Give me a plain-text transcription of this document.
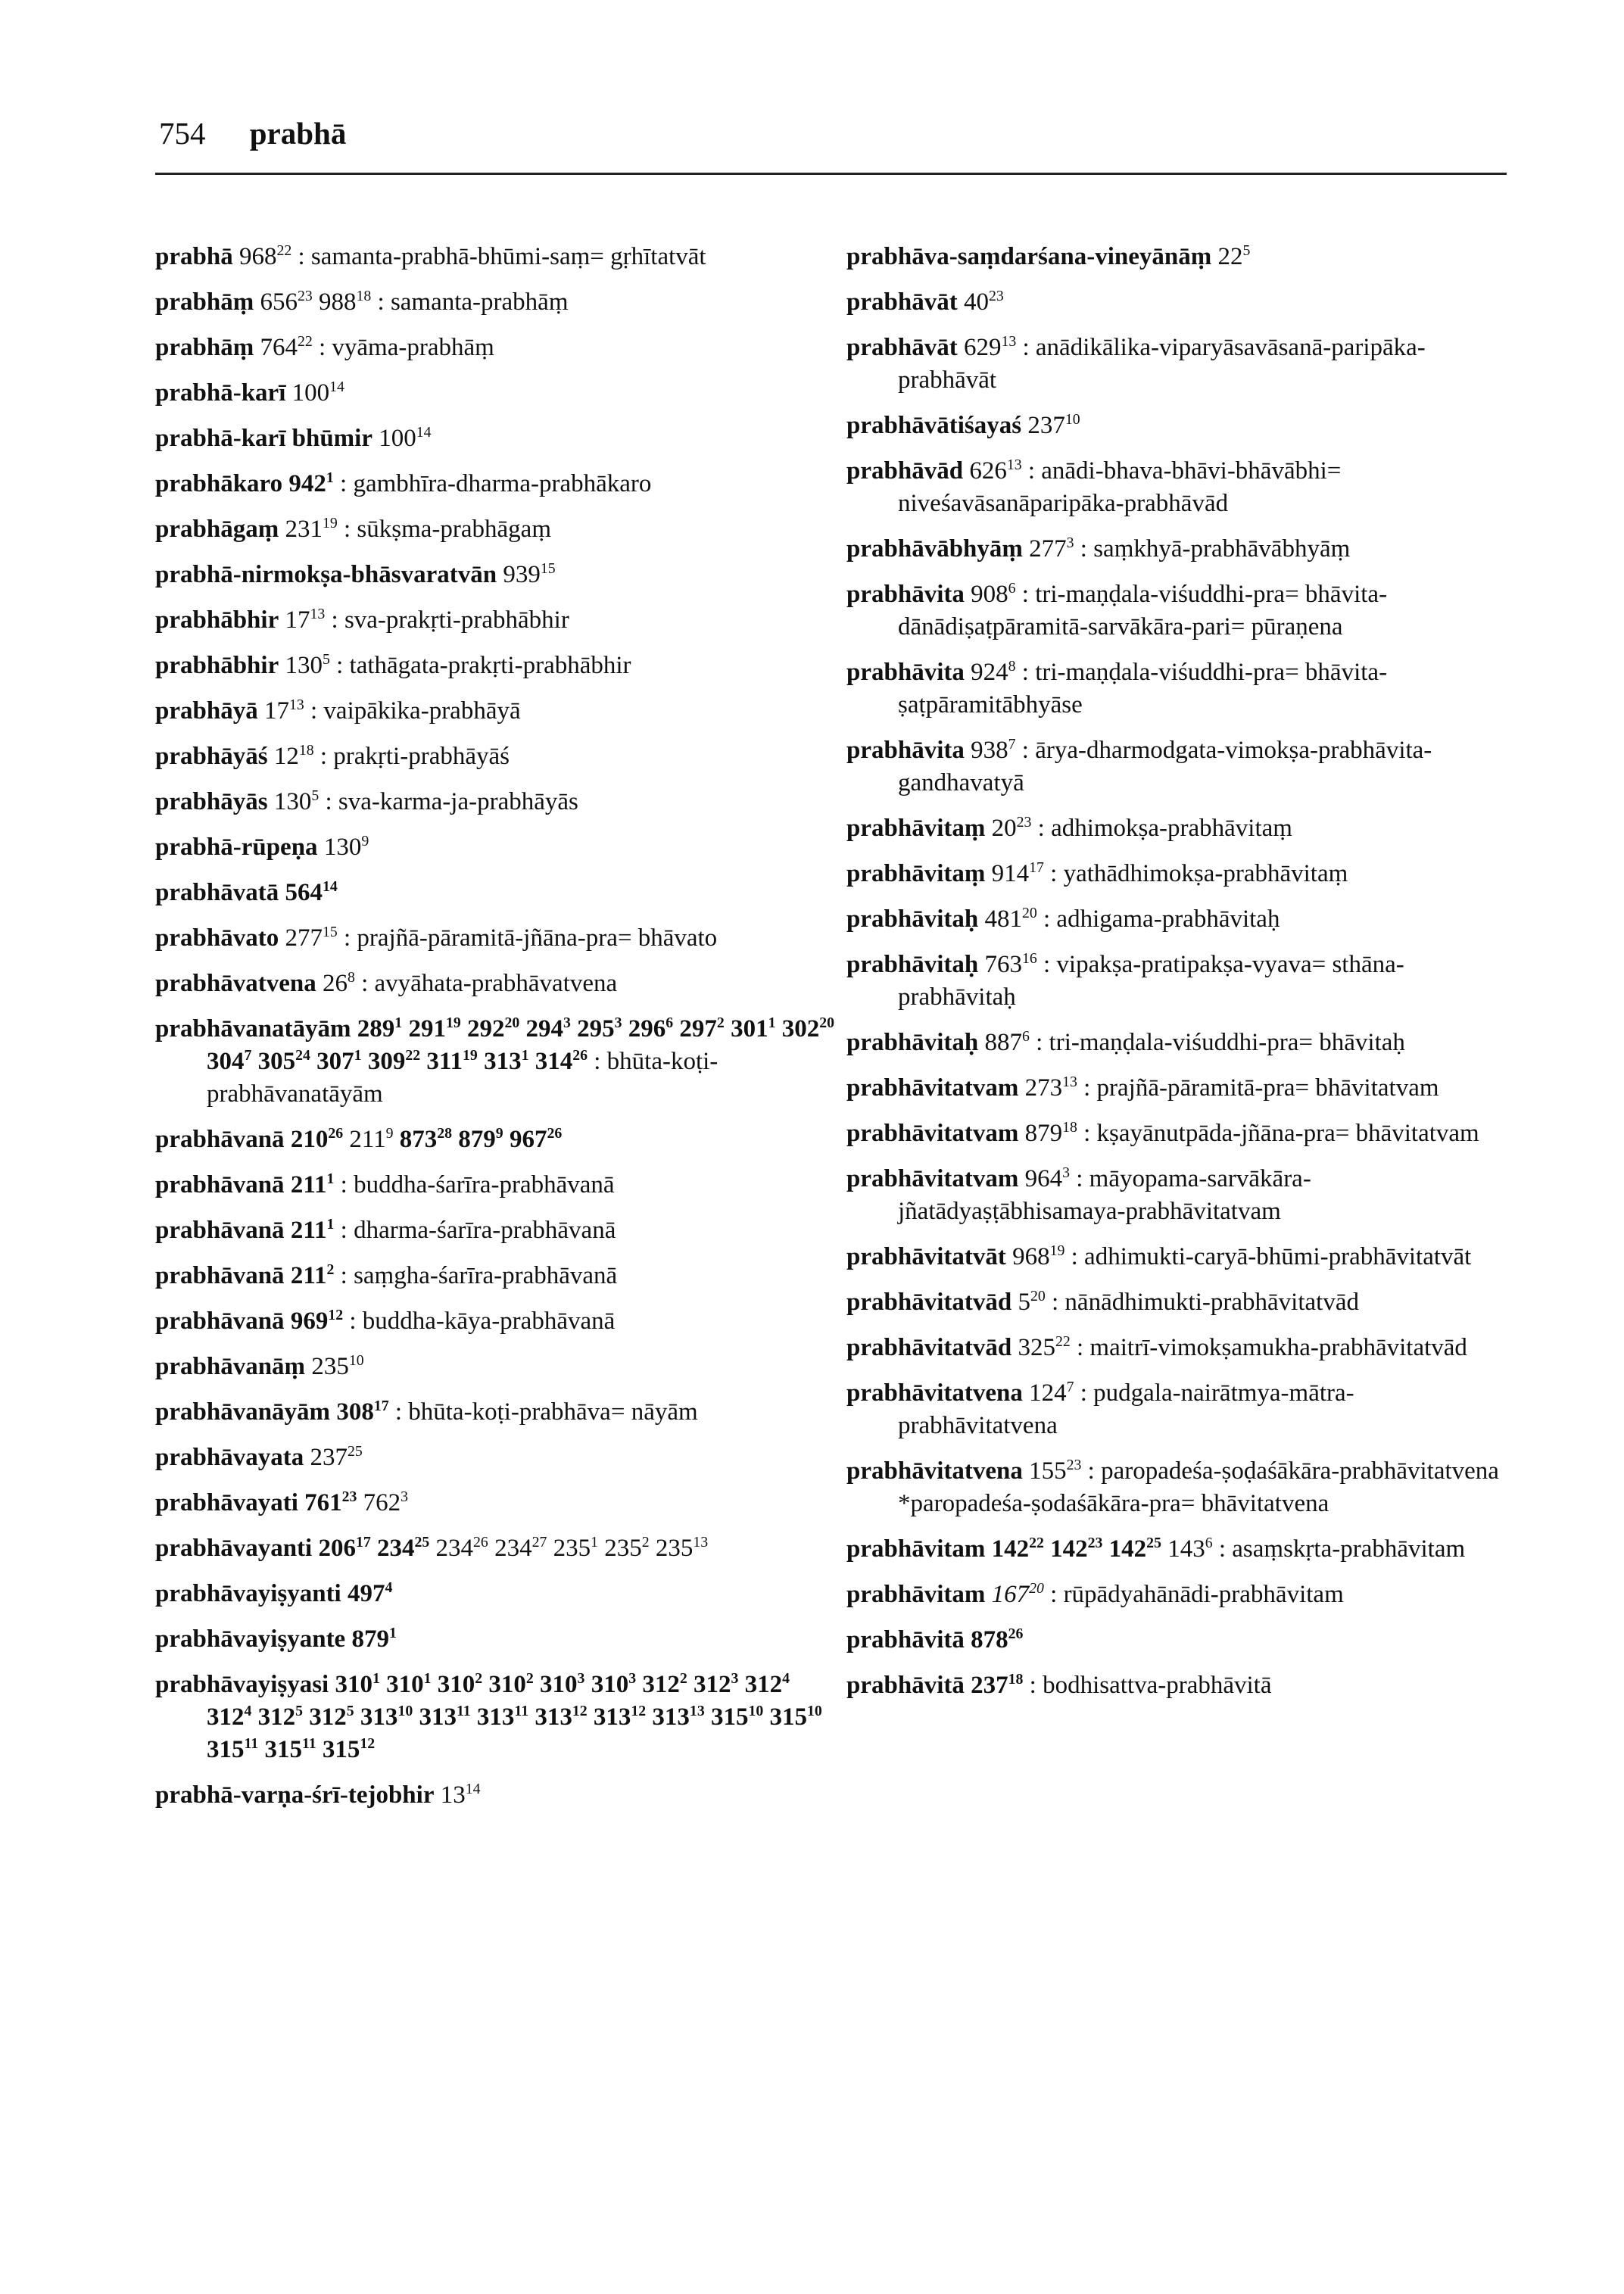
754 prabhā
prabhā $968^{22}$ : samanta-prabhā-bhūmi-saṃ= gṛhītatvāt
prabhāṃ $656^{23}$ $988^{18}$ : samanta-prabhāṃ
prabhāṃ $764^{22}$ : vyāma-prabhāṃ
prabhā-karī $100^{14}$
prabhā-karī bhūmir $100^{14}$
prabhākaro $942^1$ : gambhīra-dharma-prabhākaro
prabhāgaṃ $231^{19}$ : sūkṣma-prabhāgaṃ
prabhā-nirmokṣa-bhāsvaratvān $939^{15}$
prabhābhir $17^{13}$ : sva-prakṛti-prabhābhir
prabhābhir $130^5$ : tathāgata-prakṛti-prabhābhir
prabhāyā $17^{13}$ : vaipākika-prabhāyā
prabhāyāś $12^{18}$ : prakṛti-prabhāyāś
prabhāyās $130^5$ : sva-karma-ja-prabhāyās
prabhā-rūpeṇa $130^9$
prabhāvatā $564^{14}$
prabhāvato $277^{15}$ : prajñā-pāramitā-jñāna-pra= bhāvato
prabhāvatvena $26^8$ : avyāhata-prabhāvatvena
prabhāvanatāyām $289^1$ $291^{19}$ $292^{20}$ $294^3$ $295^3$ $296^6$ $297^2$ $301^1$ $302^{20}$ $304^7$ $305^{24}$ $307^1$ $309^{22}$ $311^{19}$ $313^1$ $314^{26}$ : bhūta-koṭi-prabhāvanatāyām
prabhāvanā $210^{26}$ $211^9$ $873^{28}$ $879^9$ $967^{26}$
prabhāvanā $211^1$ : buddha-śarīra-prabhāvanā
prabhāvanā $211^1$ : dharma-śarīra-prabhāvanā
prabhāvanā $211^2$ : saṃgha-śarīra-prabhāvanā
prabhāvanā $969^{12}$ : buddha-kāya-prabhāvanā
prabhāvanāṃ $235^{10}$
prabhāvanāyām $308^{17}$ : bhūta-koṭi-prabhāva= nāyām
prabhāvayata $237^{25}$
prabhāvayati $761^{23}$ $762^3$
prabhāvayanti $206^{17}$ $234^{25}$ $234^{26}$ $234^{27}$ $235^1$ $235^2$ $235^{13}$
prabhāvayiṣyanti $497^4$
prabhāvayiṣyante $879^1$
prabhāvayiṣyasi $310^1$ $310^1$ $310^2$ $310^2$ $310^3$ $310^3$ $312^2$ $312^3$ $312^4$ $312^4$ $312^5$ $312^5$ $313^{10}$ $313^{11}$ $313^{11}$ $313^{12}$ $313^{12}$ $313^{13}$ $315^{10}$ $315^{10}$ $315^{11}$ $315^{11}$ $315^{12}$
prabhā-varṇa-śrī-tejobhir $13^{14}$
prabhāva-saṃdarśana-vineyānāṃ $22^5$
prabhāvāt $40^{23}$
prabhāvāt $629^{13}$ : anādikālika-viparyāsavāsanā-paripāka-prabhāvāt
prabhāvātiśayaś $237^{10}$
prabhāvād $626^{13}$ : anādi-bhava-bhāvi-bhāvābhi= niveśavāsanāparipāka-prabhāvād
prabhāvābhyāṃ $277^3$ : saṃkhyā-prabhāvābhyāṃ
prabhāvita $908^6$ : tri-maṇḍala-viśuddhi-pra= bhāvita-dānādiṣaṭpāramitā-sarvākāra-pari= pūraṇena
prabhāvita $924^8$ : tri-maṇḍala-viśuddhi-pra= bhāvita-ṣaṭpāramitābhyāse
prabhāvita $938^7$ : ārya-dharmodgata-vimokṣa-prabhāvita-gandhavatyā
prabhāvitaṃ $20^{23}$ : adhimokṣa-prabhāvitaṃ
prabhāvitaṃ $914^{17}$ : yathādhimokṣa-prabhāvitaṃ
prabhāvitaḥ $481^{20}$ : adhigama-prabhāvitaḥ
prabhāvitaḥ $763^{16}$ : vipakṣa-pratipakṣa-vyava= sthāna-prabhāvitaḥ
prabhāvitaḥ $887^6$ : tri-maṇḍala-viśuddhi-pra= bhāvitaḥ
prabhāvitatvam $273^{13}$ : prajñā-pāramitā-pra= bhāvitatvam
prabhāvitatvam $879^{18}$ : kṣayānutpāda-jñāna-pra= bhāvitatvam
prabhāvitatvam $964^3$ : māyopama-sarvākāra-jñatādyaṣṭābhisamaya-prabhāvitatvam
prabhāvitatvāt $968^{19}$ : adhimukti-caryā-bhūmi-prabhāvitatvāt
prabhāvitatvād $5^{20}$ : nānādhimukti-prabhāvitatvād
prabhāvitatvād $325^{22}$ : maitrī-vimokṣamukha-prabhāvitatvād
prabhāvitatvena $124^7$ : pudgala-nairātmya-mātra-prabhāvitatvena
prabhāvitatvena $155^{23}$ : paropadeśa-ṣoḍaśākāra-prabhāvitatvena *paropadeśa-ṣodaśākāra-pra= bhāvitatvena
prabhāvitam $142^{22}$ $142^{23}$ $142^{25}$ $143^6$ : asaṃskṛta-prabhāvitam
prabhāvitam $167^{20}$ : rūpādyahānādi-prabhāvitam
prabhāvitā $878^{26}$
prabhāvitā $237^{18}$ : bodhisattva-prabhāvitā
